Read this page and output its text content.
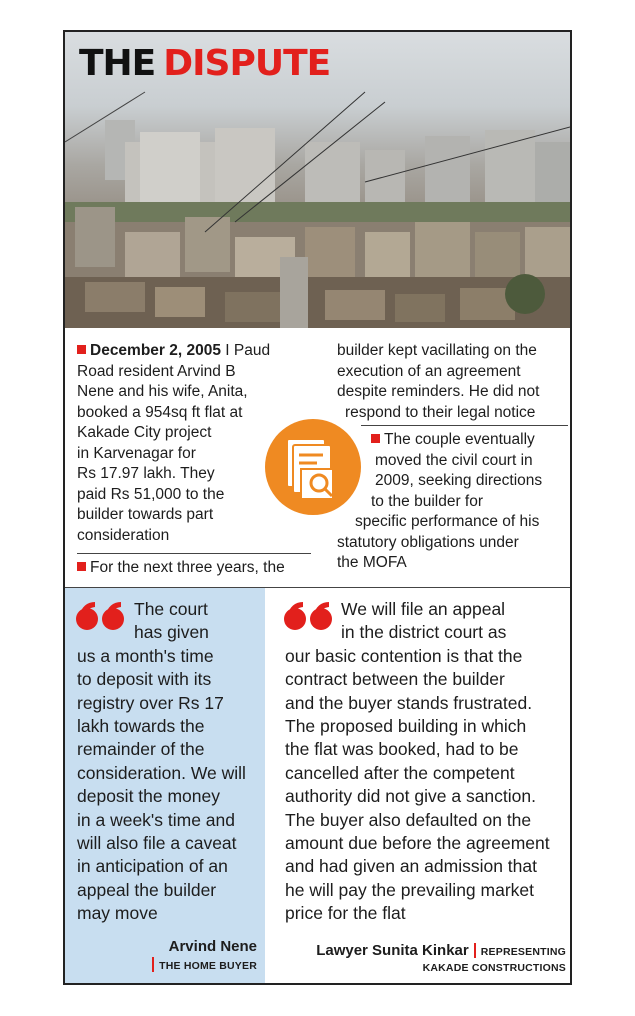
THE DISPUTE
December 2, 2005 I Paud
Road resident Arvind B
Nene and his wife, Anita,
booked a 954sq ft flat at
Kakade City project
in Karvenagar for
Rs 17.97 lakh. They
paid Rs 51,000 to the
builder towards part
consideration
For the next three years, the
builder kept vacillating on the
execution of an agreement
despite reminders. He did not
respond to their legal notice
The couple eventually
moved the civil court in
2009, seeking directions
to the builder for
specific performance of his
statutory obligations under
the MOFA
The court
has given
us a month's time
to deposit with its
registry over Rs 17
lakh towards the
remainder of the
consideration. We will
deposit the money
in a week's time and
will also file a caveat
in anticipation of an
appeal the builder
may move
Arvind Nene
THE HOME BUYER
We will file an appeal
in the district court as
our basic contention is that the
contract between the builder
and the buyer stands frustrated.
The proposed building in which
the flat was booked, had to be
cancelled after the competent
authority did not give a sanction.
The buyer also defaulted on the
amount due before the agreement
and had given an admission that
he will pay the prevailing market
price for the flat
Lawyer Sunita Kinkar REPRESENTING
KAKADE CONSTRUCTIONS
